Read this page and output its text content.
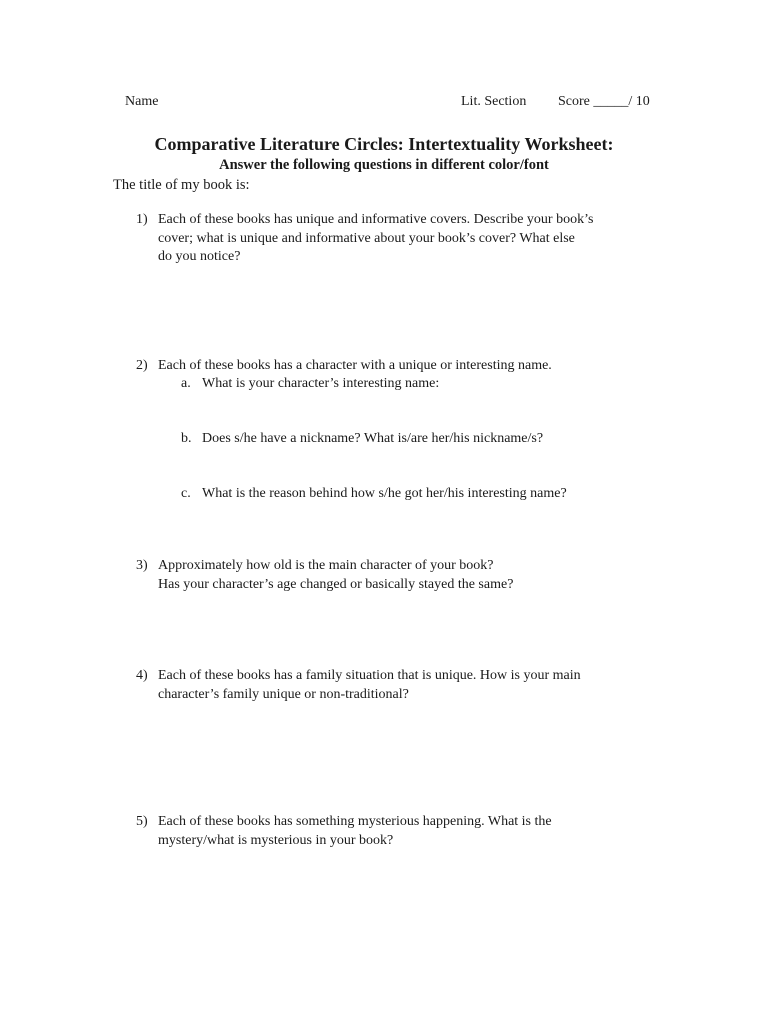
Name	Lit. Section Score _____/ 10
Comparative Literature Circles: Intertextuality Worksheet:
Answer the following questions in different color/font
The title of my book is:
1) Each of these books has unique and informative covers. Describe your book’s
cover; what is unique and informative about your book’s cover? What else
do you notice?
2) Each of these books has a character with a unique or interesting name.
a. What is your character’s interesting name:
b. Does s/he have a nickname? What is/are her/his nickname/s?
c. What is the reason behind how s/he got her/his interesting name?
3) Approximately how old is the main character of your book?
Has your character’s age changed or basically stayed the same?
4) Each of these books has a family situation that is unique. How is your main
character’s family unique or non-traditional?
5) Each of these books has something mysterious happening. What is the
mystery/what is mysterious in your book?
